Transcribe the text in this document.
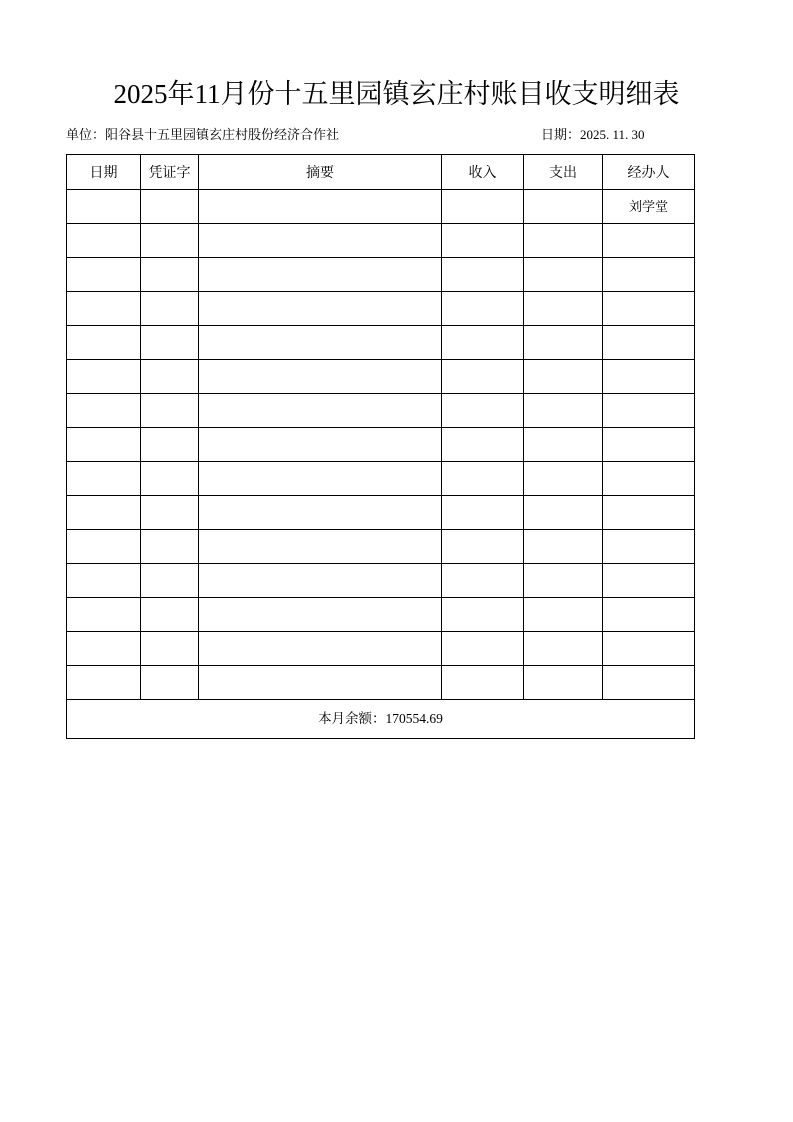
2025年11月份十五里园镇玄庄村账目收支明细表
单位：阳谷县十五里园镇玄庄村股份经济合作社	日期：2025. 11. 30
日期	凭证字	摘要	收入	支出	经办人

					刘学堂

本月余额：170554.69					
